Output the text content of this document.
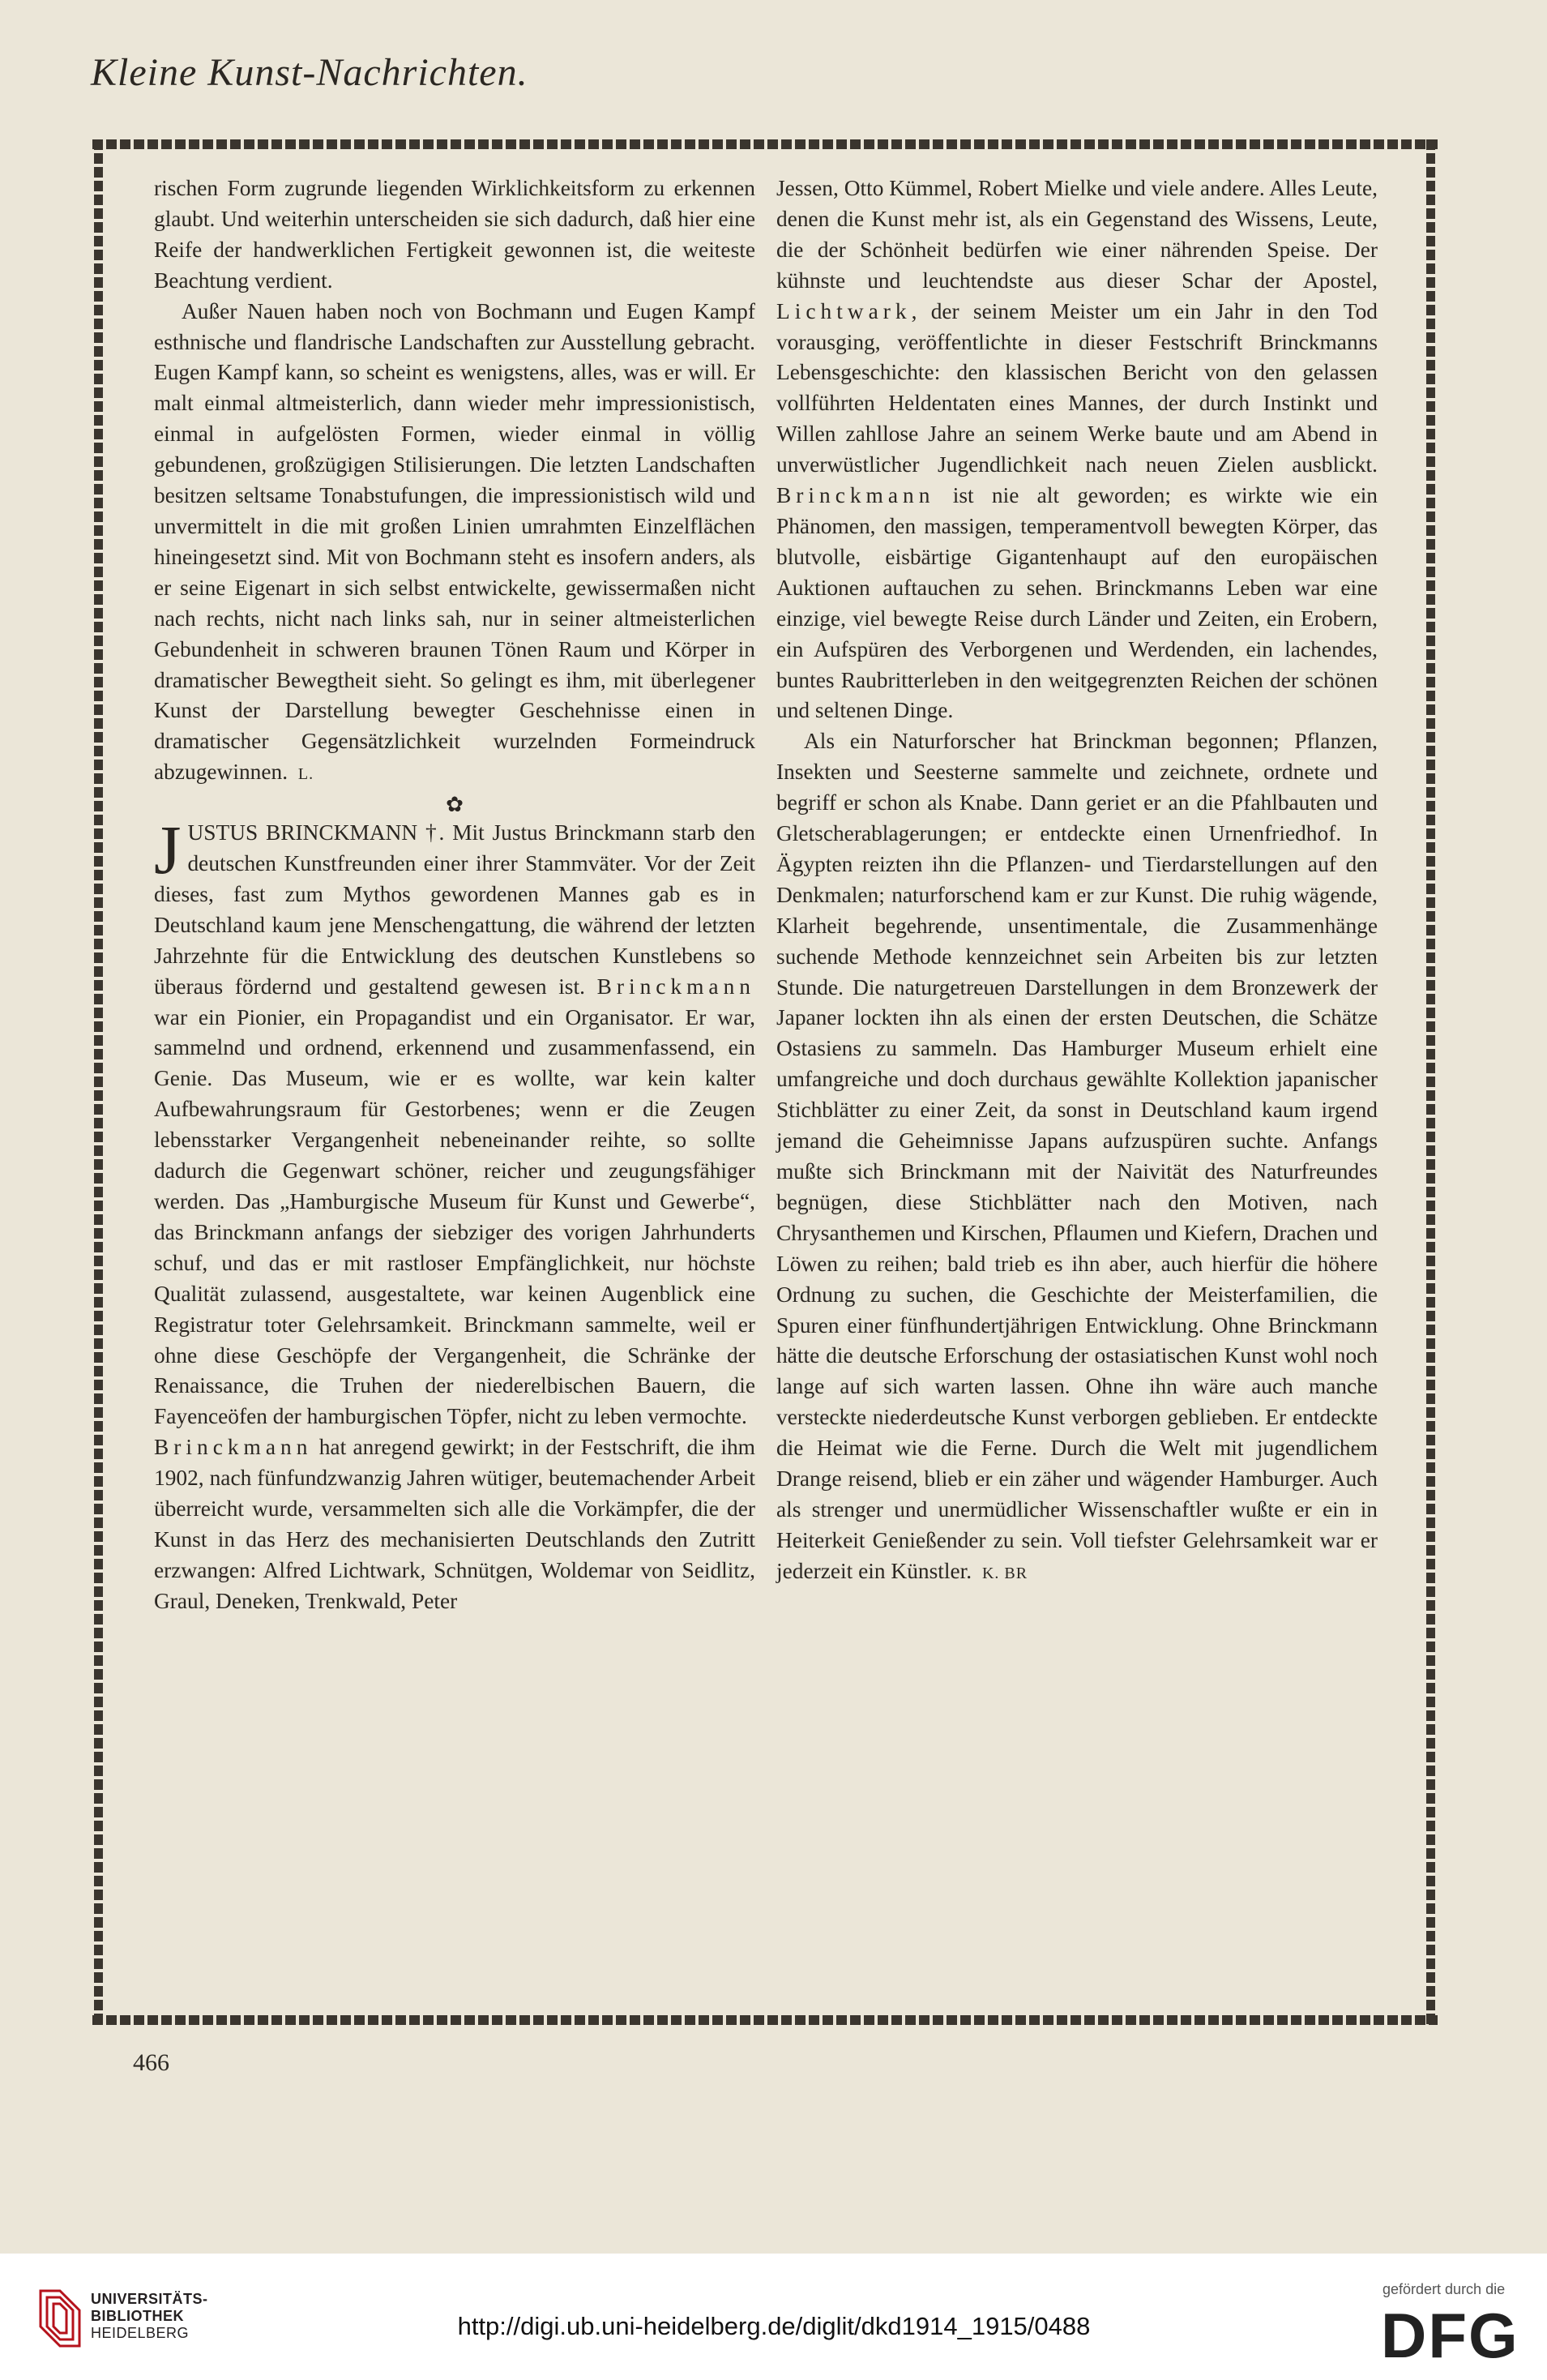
Kleine Kunst-Nachrichten.

rischen Form zugrunde liegenden Wirklichkeitsform zu erkennen glaubt. Und weiterhin unterscheiden sie sich dadurch, daß hier eine Reife der handwerklichen Fertigkeit gewonnen ist, die weiteste Beachtung verdient.

Außer Nauen haben noch von Bochmann und Eugen Kampf esthnische und flandrische Landschaften zur Ausstellung gebracht. Eugen Kampf kann, so scheint es wenigstens, alles, was er will. Er malt einmal altmeisterlich, dann wieder mehr impressionistisch, einmal in aufgelösten Formen, wieder einmal in völlig gebundenen, großzügigen Stilisierungen. Die letzten Landschaften besitzen seltsame Tonabstufungen, die impressionistisch wild und unvermittelt in die mit großen Linien umrahmten Einzelflächen hineingesetzt sind. Mit von Bochmann steht es insofern anders, als er seine Eigenart in sich selbst entwickelte, gewissermaßen nicht nach rechts, nicht nach links sah, nur in seiner altmeisterlichen Gebundenheit in schweren braunen Tönen Raum und Körper in dramatischer Bewegtheit sieht. So gelingt es ihm, mit überlegener Kunst der Darstellung bewegter Geschehnisse einen in dramatischer Gegensätzlichkeit wurzelnden Formeindruck abzugewinnen. L.

✿

JUSTUS BRINCKMANN †. Mit Justus Brinckmann starb den deutschen Kunstfreunden einer ihrer Stammväter. Vor der Zeit dieses, fast zum Mythos gewordenen Mannes gab es in Deutschland kaum jene Menschengattung, die während der letzten Jahrzehnte für die Entwicklung des deutschen Kunstlebens so überaus fördernd und gestaltend gewesen ist. Brinckmann war ein Pionier, ein Propagandist und ein Organisator. Er war, sammelnd und ordnend, erkennend und zusammenfassend, ein Genie. Das Museum, wie er es wollte, war kein kalter Aufbewahrungsraum für Gestorbenes; wenn er die Zeugen lebensstarker Vergangenheit nebeneinander reihte, so sollte dadurch die Gegenwart schöner, reicher und zeugungsfähiger werden. Das „Hamburgische Museum für Kunst und Gewerbe“, das Brinckmann anfangs der siebziger des vorigen Jahrhunderts schuf, und das er mit rastloser Empfänglichkeit, nur höchste Qualität zulassend, ausgestaltete, war keinen Augenblick eine Registratur toter Gelehrsamkeit. Brinckmann sammelte, weil er ohne diese Geschöpfe der Vergangenheit, die Schränke der Renaissance, die Truhen der niederelbischen Bauern, die Fayenceöfen der hamburgischen Töpfer, nicht zu leben vermochte.

Brinckmann hat anregend gewirkt; in der Festschrift, die ihm 1902, nach fünfundzwanzig Jahren wütiger, beutemachender Arbeit überreicht wurde, versammelten sich alle die Vorkämpfer, die der Kunst in das Herz des mechanisierten Deutschlands den Zutritt erzwangen: Alfred Lichtwark, Schnütgen, Woldemar von Seidlitz, Graul, Deneken, Trenkwald, Peter

Jessen, Otto Kümmel, Robert Mielke und viele andere. Alles Leute, denen die Kunst mehr ist, als ein Gegenstand des Wissens, Leute, die der Schönheit bedürfen wie einer nährenden Speise. Der kühnste und leuchtendste aus dieser Schar der Apostel, Lichtwark, der seinem Meister um ein Jahr in den Tod vorausging, veröffentlichte in dieser Festschrift Brinckmanns Lebensgeschichte: den klassischen Bericht von den gelassen vollführten Heldentaten eines Mannes, der durch Instinkt und Willen zahllose Jahre an seinem Werke baute und am Abend in unverwüstlicher Jugendlichkeit nach neuen Zielen ausblickt. Brinckmann ist nie alt geworden; es wirkte wie ein Phänomen, den massigen, temperamentvoll bewegten Körper, das blutvolle, eisbärtige Gigantenhaupt auf den europäischen Auktionen auftauchen zu sehen. Brinckmanns Leben war eine einzige, viel bewegte Reise durch Länder und Zeiten, ein Erobern, ein Aufspüren des Verborgenen und Werdenden, ein lachendes, buntes Raubritterleben in den weitgegrenzten Reichen der schönen und seltenen Dinge.

Als ein Naturforscher hat Brinckman begonnen; Pflanzen, Insekten und Seesterne sammelte und zeichnete, ordnete und begriff er schon als Knabe. Dann geriet er an die Pfahlbauten und Gletscherablagerungen; er entdeckte einen Urnenfriedhof. In Ägypten reizten ihn die Pflanzen- und Tierdarstellungen auf den Denkmalen; naturforschend kam er zur Kunst. Die ruhig wägende, Klarheit begehrende, unsentimentale, die Zusammenhänge suchende Methode kennzeichnet sein Arbeiten bis zur letzten Stunde. Die naturgetreuen Darstellungen in dem Bronzewerk der Japaner lockten ihn als einen der ersten Deutschen, die Schätze Ostasiens zu sammeln. Das Hamburger Museum erhielt eine umfangreiche und doch durchaus gewählte Kollektion japanischer Stichblätter zu einer Zeit, da sonst in Deutschland kaum irgend jemand die Geheimnisse Japans aufzuspüren suchte. Anfangs mußte sich Brinckmann mit der Naivität des Naturfreundes begnügen, diese Stichblätter nach den Motiven, nach Chrysanthemen und Kirschen, Pflaumen und Kiefern, Drachen und Löwen zu reihen; bald trieb es ihn aber, auch hierfür die höhere Ordnung zu suchen, die Geschichte der Meisterfamilien, die Spuren einer fünfhundertjährigen Entwicklung. Ohne Brinckmann hätte die deutsche Erforschung der ostasiatischen Kunst wohl noch lange auf sich warten lassen. Ohne ihn wäre auch manche versteckte niederdeutsche Kunst verborgen geblieben. Er entdeckte die Heimat wie die Ferne. Durch die Welt mit jugendlichem Drange reisend, blieb er ein zäher und wägender Hamburger. Auch als strenger und unermüdlicher Wissenschaftler wußte er ein in Heiterkeit Genießender zu sein. Voll tiefster Gelehrsamkeit war er jederzeit ein Künstler. K. BR

466
UNIVERSITÄTS-
BIBLIOTHEK
HEIDELBERG	http://digi.ub.uni-heidelberg.de/diglit/dkd1914_1915/0488
gefördert durch die
DFG
